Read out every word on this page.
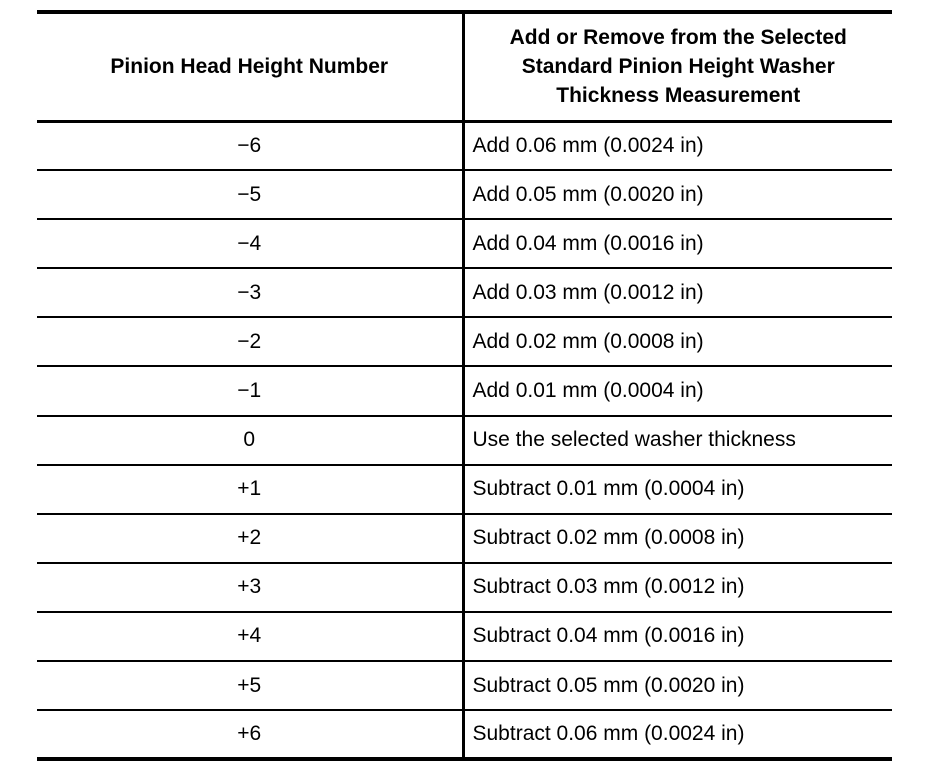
Pinion Head Height Number	Add or Remove from the Selected Standard Pinion Height Washer Thickness Measurement
−6	Add 0.06 mm (0.0024 in)
−5	Add 0.05 mm (0.0020 in)
−4	Add 0.04 mm (0.0016 in)
−3	Add 0.03 mm (0.0012 in)
−2	Add 0.02 mm (0.0008 in)
−1	Add 0.01 mm (0.0004 in)
0	Use the selected washer thickness
+1	Subtract 0.01 mm (0.0004 in)
+2	Subtract 0.02 mm (0.0008 in)
+3	Subtract 0.03 mm (0.0012 in)
+4	Subtract 0.04 mm (0.0016 in)
+5	Subtract 0.05 mm (0.0020 in)
+6	Subtract 0.06 mm (0.0024 in)
